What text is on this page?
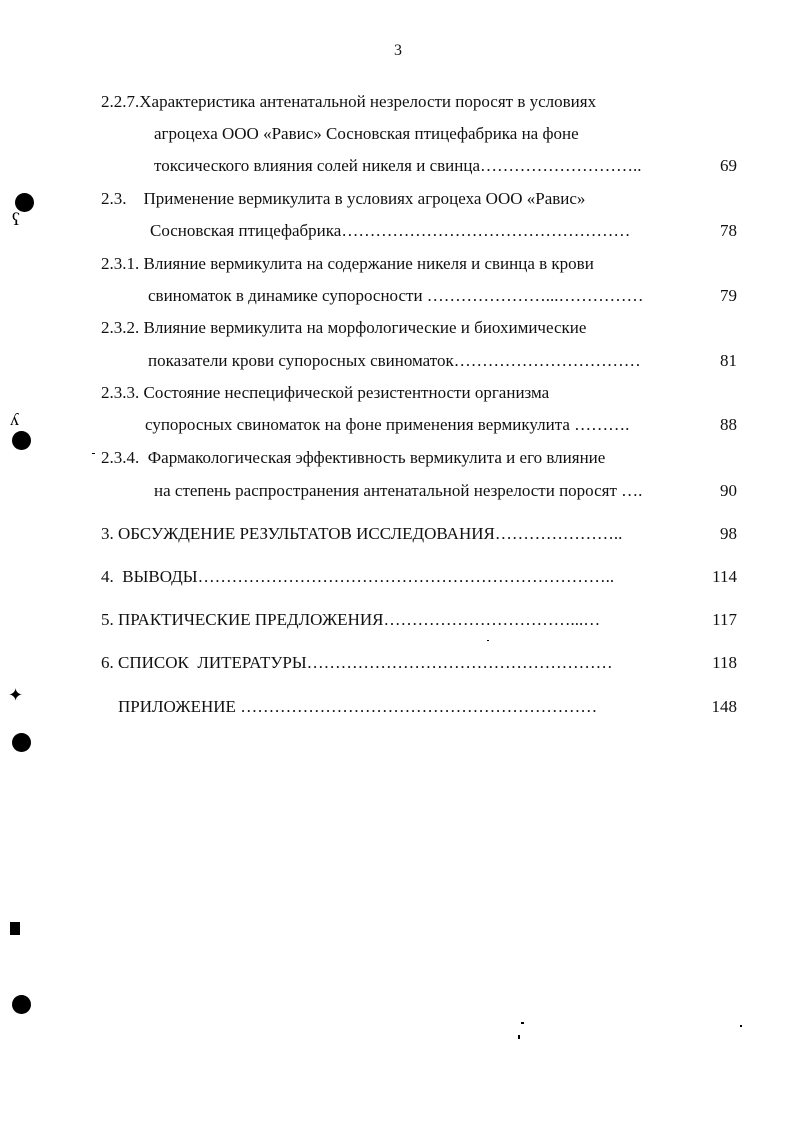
3
2.2.7.Характеристика антенатальной незрелости поросят в условиях
агроцеха ООО «Равис» Сосновская птицефабрика на фоне
токсического влияния солей никеля и свинца………………………..	69
2.3.    Применение вермикулита в условиях агроцеха ООО «Равис»
Сосновская птицефабрика……………………………………………	78
2.3.1. Влияние вермикулита на содержание никеля и свинца в крови
свиноматок в динамике супоросности …………………...……………	79
2.3.2. Влияние вермикулита на морфологические и биохимические
показатели крови супоросных свиноматок……………………………	81
2.3.3. Состояние неспецифической резистентности организма
супоросных свиноматок на фоне применения вермикулита ……….	88
2.3.4.  Фармакологическая эффективность вермикулита и его влияние
на степень распространения антенатальной незрелости поросят ….	90
3. ОБСУЖДЕНИЕ РЕЗУЛЬТАТОВ ИССЛЕДОВАНИЯ…………………..	98
4.  ВЫВОДЫ………………………………………………………………..	114
5. ПРАКТИЧЕСКИЕ ПРЕДЛОЖЕНИЯ……………………………...…	117
6. СПИСОК  ЛИТЕРАТУРЫ………………………………………………	118
ПРИЛОЖЕНИЕ ………………………………………………………	148
ʕ
ʎ
✦
